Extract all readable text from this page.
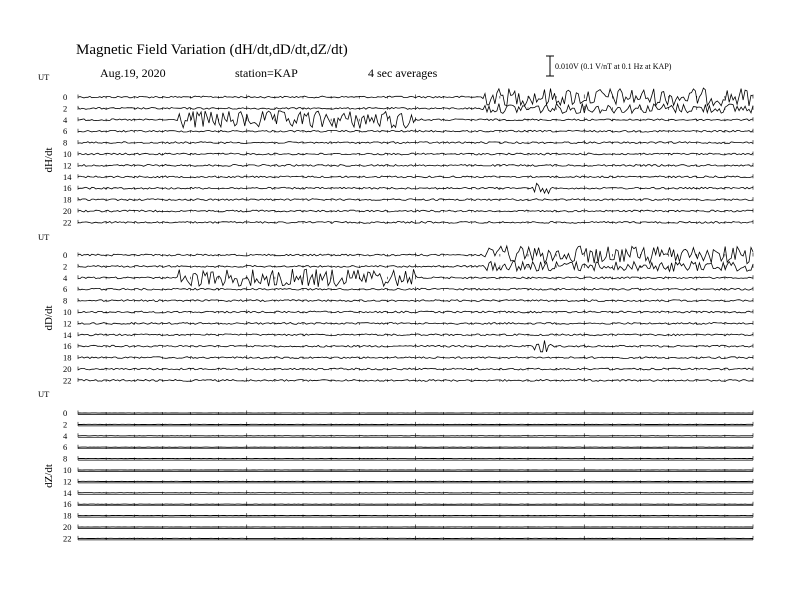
Magnetic Field Variation (dH/dt,dD/dt,dZ/dt)
Aug.19, 2020	station=KAP	4 sec averages	0.010V (0.1 V/nT at 0.1 Hz at KAP)
UT
dH/dt
0
2
4
6
8
10
12
14
16
18
20
22
UT
dD/dt
0
2
4
6
8
10
12
14
16
18
20
22
UT
dZ/dt
0
2
4
6
8
10
12
14
16
18
20
22
